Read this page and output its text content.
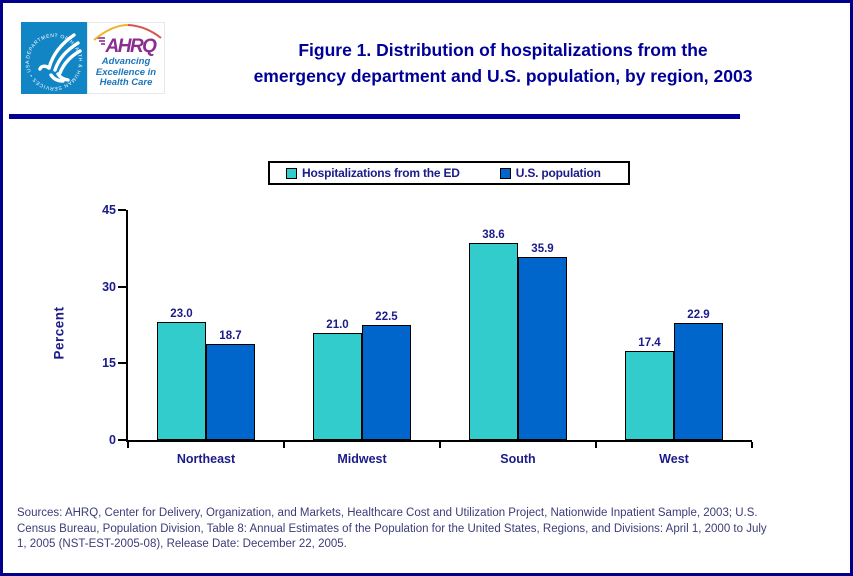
DEPARTMENT OF HEALTH & HUMAN SERVICES • USA
AHRQ
Advancing
Excellence in
Health Care
Figure 1. Distribution of hospitalizations from the
emergency department and U.S. population, by region, 2003
Hospitalizations from the ED	U.S. population
Percent	23.0
18.7
Northeast
21.0
22.5
Midwest
38.6
35.9
South
17.4
22.9
West
0
15
30
45
Sources: AHRQ, Center for Delivery, Organization, and Markets, Healthcare Cost and Utilization Project, Nationwide Inpatient Sample, 2003; U.S.
Census Bureau, Population Division, Table 8: Annual Estimates of the Population for the United States, Regions, and Divisions: April 1, 2000 to July
1, 2005 (NST-EST-2005-08), Release Date: December 22, 2005.
